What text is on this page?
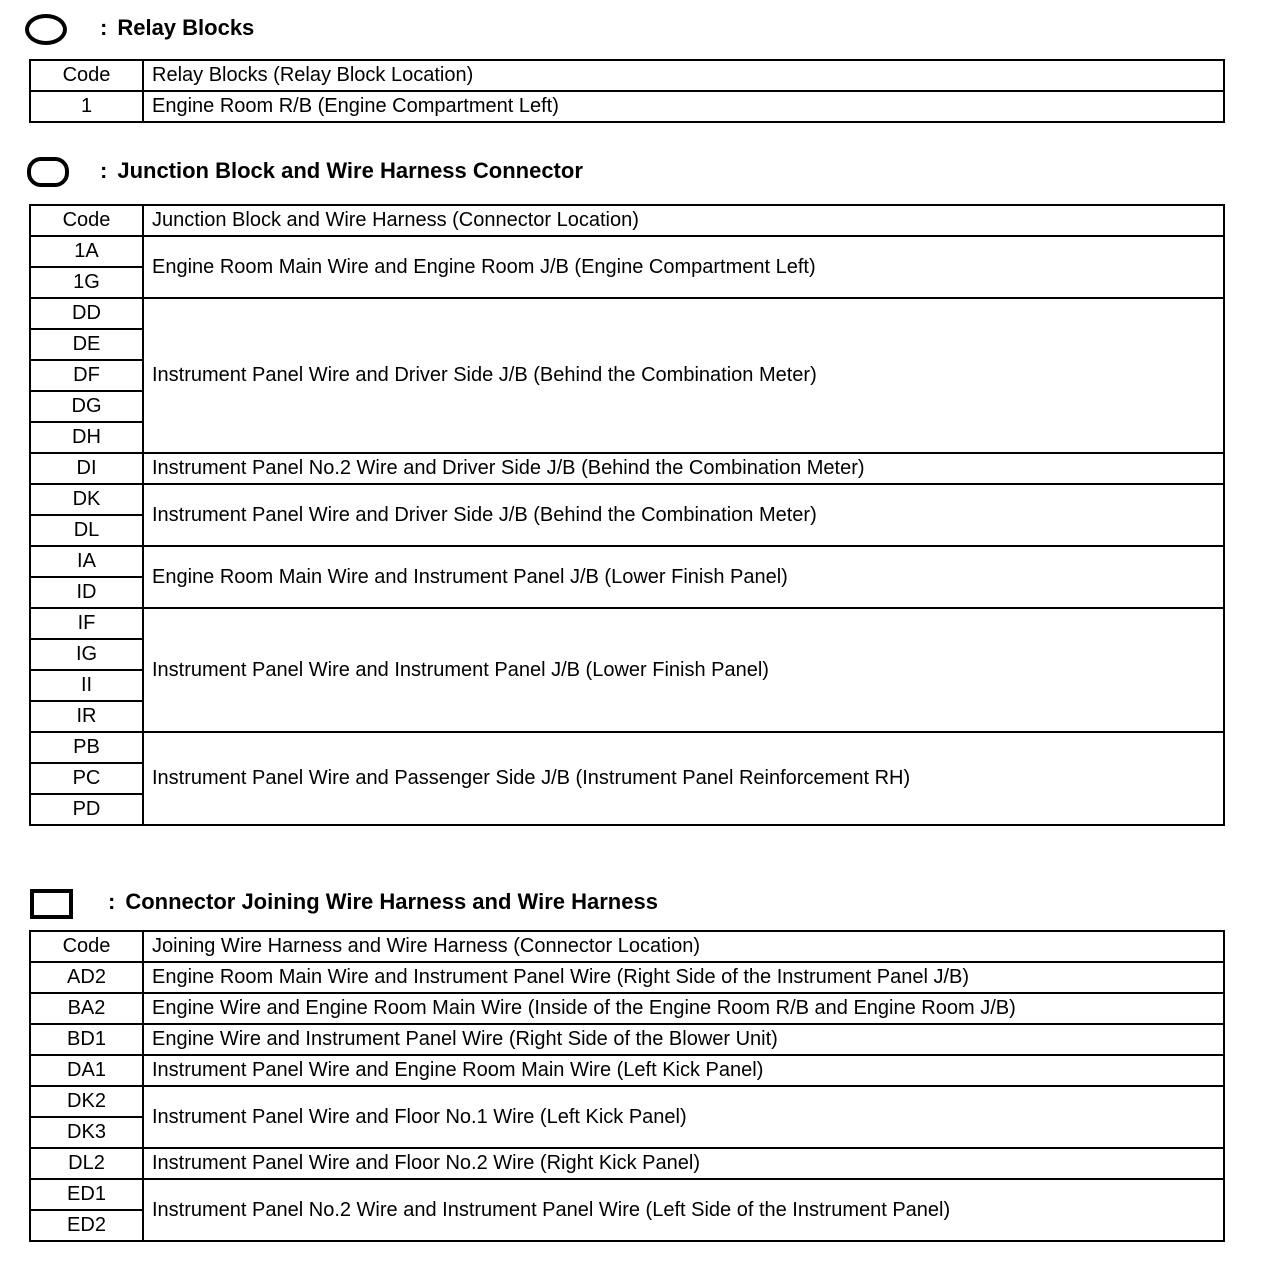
: Relay Blocks
Code	Relay Blocks (Relay Block Location)
1	Engine Room R/B (Engine Compartment Left)
: Junction Block and Wire Harness Connector
Code	Junction Block and Wire Harness (Connector Location)
1A	Engine Room Main Wire and Engine Room J/B (Engine Compartment Left)
1G	
DD	Instrument Panel Wire and Driver Side J/B (Behind the Combination Meter)
DE	
DF	
DG	
DH	
DI	Instrument Panel No.2 Wire and Driver Side J/B (Behind the Combination Meter)
DK	Instrument Panel Wire and Driver Side J/B (Behind the Combination Meter)
DL	
IA	Engine Room Main Wire and Instrument Panel J/B (Lower Finish Panel)
ID	
IF	Instrument Panel Wire and Instrument Panel J/B (Lower Finish Panel)
IG	
II	
IR	
PB	Instrument Panel Wire and Passenger Side J/B (Instrument Panel Reinforcement RH)
PC	
PD	
: Connector Joining Wire Harness and Wire Harness
Code	Joining Wire Harness and Wire Harness (Connector Location)
AD2	Engine Room Main Wire and Instrument Panel Wire (Right Side of the Instrument Panel J/B)
BA2	Engine Wire and Engine Room Main Wire (Inside of the Engine Room R/B and Engine Room J/B)
BD1	Engine Wire and Instrument Panel Wire (Right Side of the Blower Unit)
DA1	Instrument Panel Wire and Engine Room Main Wire (Left Kick Panel)
DK2	Instrument Panel Wire and Floor No.1 Wire (Left Kick Panel)
DK3	
DL2	Instrument Panel Wire and Floor No.2 Wire (Right Kick Panel)
ED1	Instrument Panel No.2 Wire and Instrument Panel Wire (Left Side of the Instrument Panel)
ED2	
